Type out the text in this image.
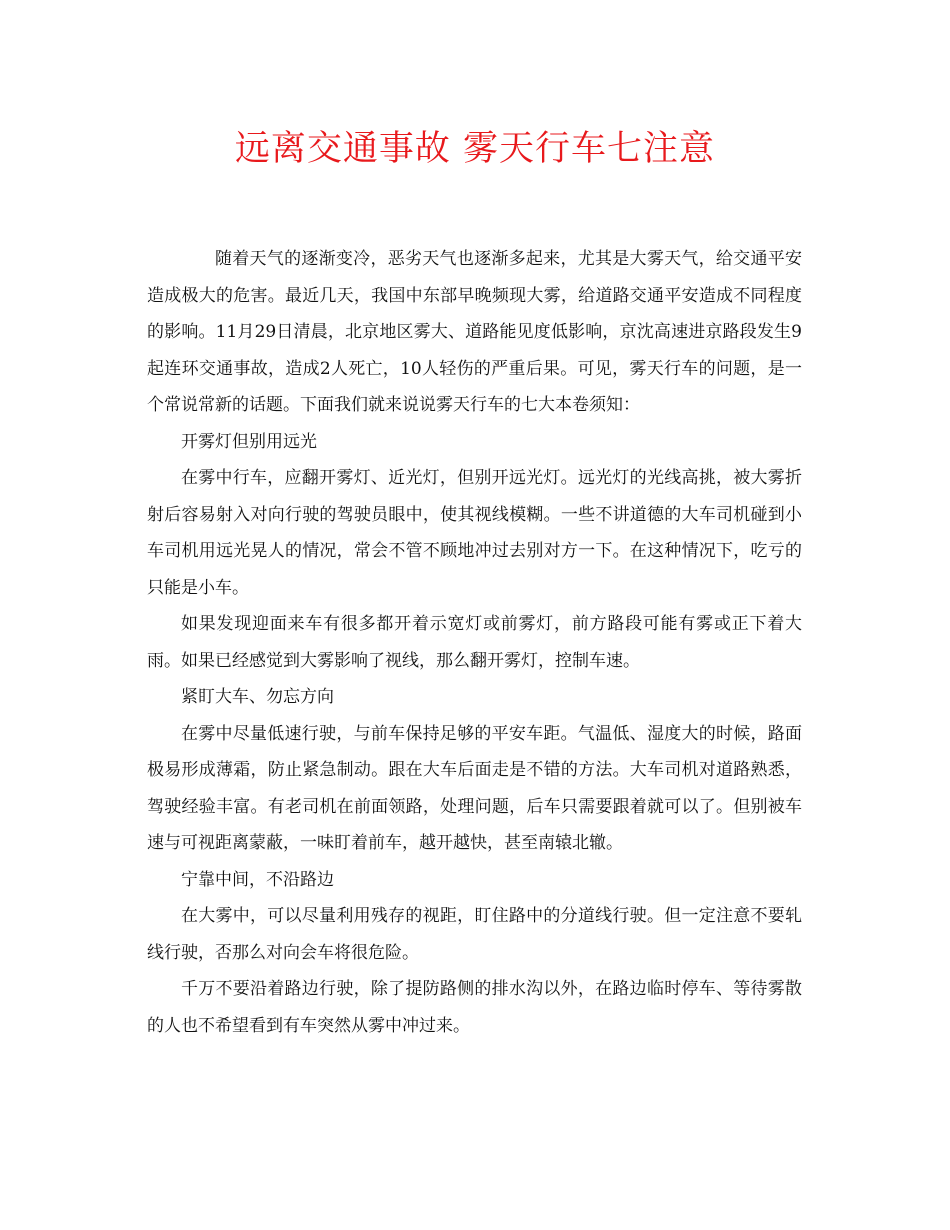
远离交通事故 雾天行车七注意

随着天气的逐渐变冷，恶劣天气也逐渐多起来，尤其是大雾天气，给交通平安造成极大的危害。最近几天，我国中东部早晚频现大雾，给道路交通平安造成不同程度的影响。11月29日清晨，北京地区雾大、道路能见度低影响，京沈高速进京路段发生9起连环交通事故，造成2人死亡，10人轻伤的严重后果。可见，雾天行车的问题，是一个常说常新的话题。下面我们就来说说雾天行车的七大本卷须知：

开雾灯但别用远光

在雾中行车，应翻开雾灯、近光灯，但别开远光灯。远光灯的光线高挑，被大雾折射后容易射入对向行驶的驾驶员眼中，使其视线模糊。一些不讲道德的大车司机碰到小车司机用远光晃人的情况，常会不管不顾地冲过去别对方一下。在这种情况下，吃亏的只能是小车。

如果发现迎面来车有很多都开着示宽灯或前雾灯，前方路段可能有雾或正下着大雨。如果已经感觉到大雾影响了视线，那么翻开雾灯，控制车速。

紧盯大车、勿忘方向

在雾中尽量低速行驶，与前车保持足够的平安车距。气温低、湿度大的时候，路面极易形成薄霜，防止紧急制动。跟在大车后面走是不错的方法。大车司机对道路熟悉，驾驶经验丰富。有老司机在前面领路，处理问题，后车只需要跟着就可以了。但别被车速与可视距离蒙蔽，一味盯着前车，越开越快，甚至南辕北辙。

宁靠中间，不沿路边

在大雾中，可以尽量利用残存的视距，盯住路中的分道线行驶。但一定注意不要轧线行驶，否那么对向会车将很危险。

千万不要沿着路边行驶，除了提防路侧的排水沟以外，在路边临时停车、等待雾散的人也不希望看到有车突然从雾中冲过来。
